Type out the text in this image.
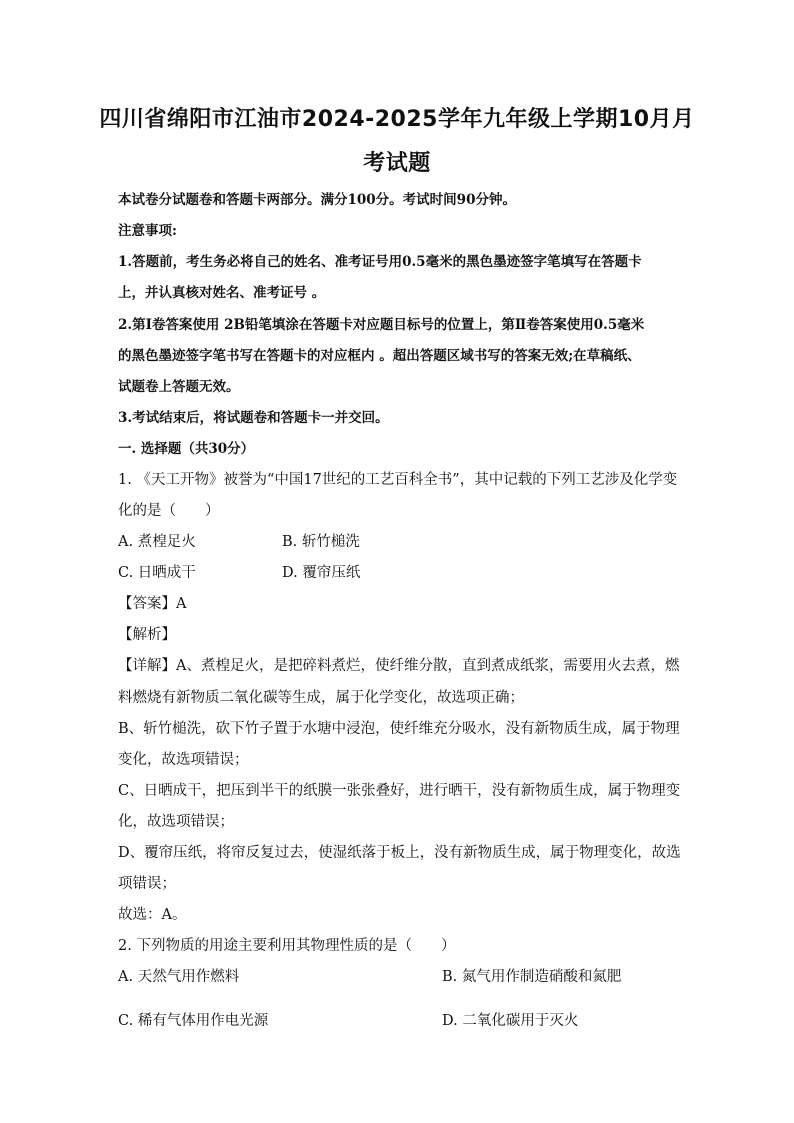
四川省绵阳市江油市2024-2025学年九年级上学期10月月
考试题
本试卷分试题卷和答题卡两部分。满分100分。考试时间90分钟。
注意事项:
1.答题前，考生务必将自己的姓名、准考证号用0.5毫米的黑色墨迹签字笔填写在答题卡
上，并认真核对姓名、准考证号 。
2.第Ⅰ卷答案使用 2B铅笔填涂在答题卡对应题目标号的位置上，第Ⅱ卷答案使用0.5毫米
的黑色墨迹签字笔书写在答题卡的对应框内 。超出答题区域书写的答案无效;在草稿纸、
试题卷上答题无效。
3.考试结束后，将试题卷和答题卡一并交回。
一. 选择题（共30分）
1. 《天工开物》被誉为“中国17世纪的工艺百科全书”，其中记载的下列工艺涉及化学变
化的是（　　）
A. 煮楻足火	B. 斩竹槌洗
C. 日晒成干	D. 覆帘压纸
【答案】A
【解析】
【详解】A、煮楻足火，是把碎料煮烂，使纤维分散，直到煮成纸浆，需要用火去煮，燃
料燃烧有新物质二氧化碳等生成，属于化学变化，故选项正确；
B、斩竹槌洗，砍下竹子置于水塘中浸泡，使纤维充分吸水，没有新物质生成，属于物理
变化，故选项错误；
C、日晒成干，把压到半干的纸膜一张张叠好，进行晒干，没有新物质生成，属于物理变
化，故选项错误；
D、覆帘压纸，将帘反复过去，使湿纸落于板上，没有新物质生成，属于物理变化，故选
项错误；
故选：A。
2. 下列物质的用途主要利用其物理性质的是（　　）
A. 天然气用作燃料	B. 氮气用作制造硝酸和氮肥
C. 稀有气体用作电光源	D. 二氧化碳用于灭火
